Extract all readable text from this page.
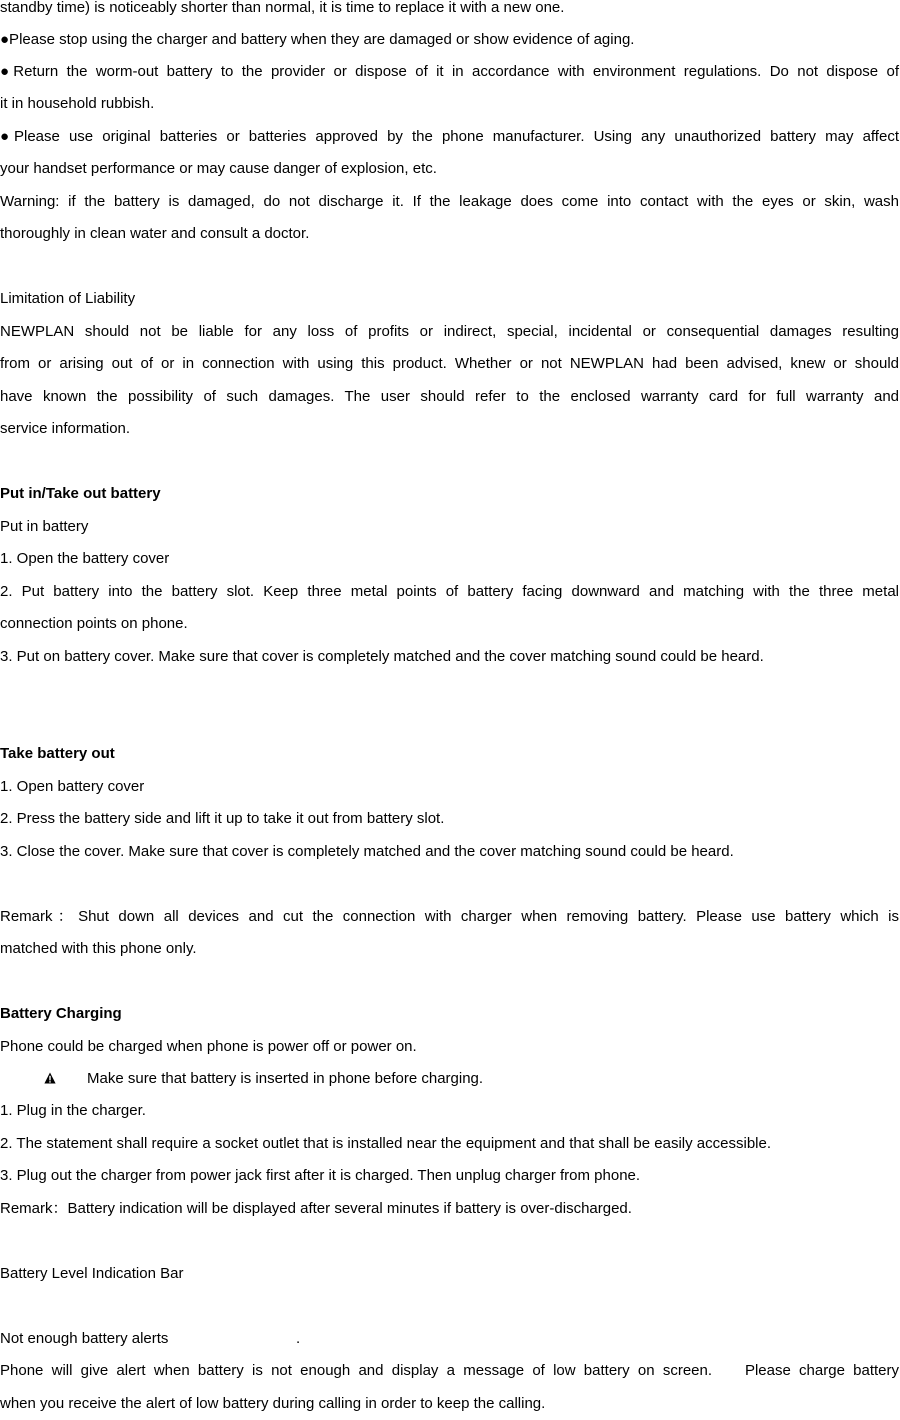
standby time) is noticeably shorter than normal, it is time to replace it with a new one.
●Please stop using the charger and battery when they are damaged or show evidence of aging.
●Return the worm-out battery to the provider or dispose of it in accordance with environment regulations. Do not dispose of
it in household rubbish.
●Please use original batteries or batteries approved by the phone manufacturer. Using any unauthorized battery may affect
your handset performance or may cause danger of explosion, etc.
Warning: if the battery is damaged, do not discharge it. If the leakage does come into contact with the eyes or skin, wash
thoroughly in clean water and consult a doctor.
Limitation of Liability
NEWPLAN should not be liable for any loss of profits or indirect, special, incidental or consequential damages resulting
from or arising out of or in connection with using this product. Whether or not NEWPLAN had been advised, knew or should
have known the possibility of such damages. The user should refer to the enclosed warranty card for full warranty and
service information.
Put in/Take out battery
Put in battery
1. Open the battery cover
2. Put battery into the battery slot. Keep three metal points of battery facing downward and matching with the three metal
connection points on phone.
3. Put on battery cover. Make sure that cover is completely matched and the cover matching sound could be heard.
Take battery out
1. Open battery cover
2. Press the battery side and lift it up to take it out from battery slot.
3. Close the cover. Make sure that cover is completely matched and the cover matching sound could be heard.
Remark：Shut down all devices and cut the connection with charger when removing battery. Please use battery which is
matched with this phone only.
Battery Charging
Phone could be charged when phone is power off or power on.
Make sure that battery is inserted in phone before charging.
1. Plug in the charger.
2. The statement shall require a socket outlet that is installed near the equipment and that shall be easily accessible.
3. Plug out the charger from power jack first after it is charged. Then unplug charger from phone.
Remark：Battery indication will be displayed after several minutes if battery is over-discharged.
Battery Level Indication Bar
Not enough battery alerts	.
Phone will give alert when battery is not enough and display a message of low battery on screen.    Please charge battery
when you receive the alert of low battery during calling in order to keep the calling.
